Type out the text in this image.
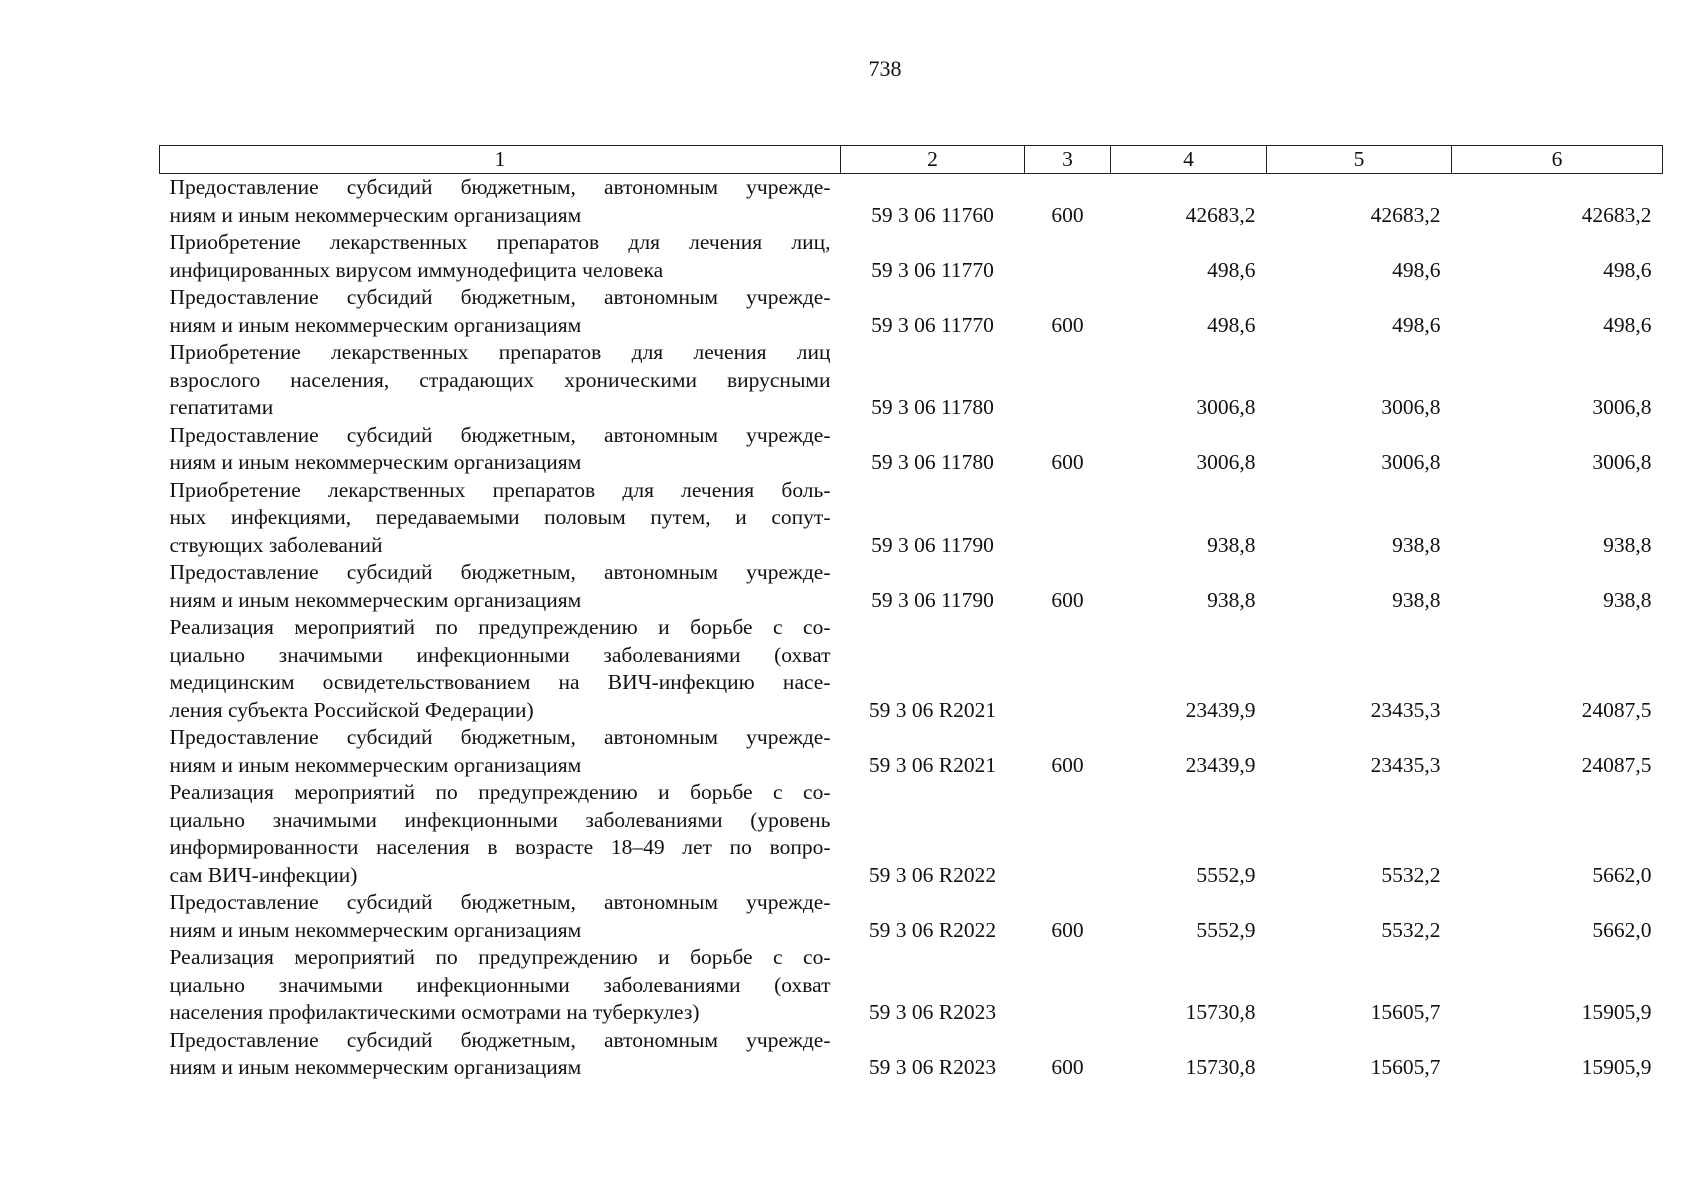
738
1	2	3	4	5	6

Предоставление субсидий бюджетным, автономным учрежде-
ниям и иным некоммерческим организациям	59 3 06 11760	600	42683,2	42683,2	42683,2

Приобретение лекарственных препаратов для лечения лиц,
инфицированных вирусом иммунодефицита человека	59 3 06 11770		498,6	498,6	498,6

Предоставление субсидий бюджетным, автономным учрежде-
ниям и иным некоммерческим организациям	59 3 06 11770	600	498,6	498,6	498,6

Приобретение лекарственных препаратов для лечения лиц
взрослого населения, страдающих хроническими вирусными
гепатитами	59 3 06 11780		3006,8	3006,8	3006,8

Предоставление субсидий бюджетным, автономным учрежде-
ниям и иным некоммерческим организациям	59 3 06 11780	600	3006,8	3006,8	3006,8

Приобретение лекарственных препаратов для лечения боль-
ных инфекциями, передаваемыми половым путем, и сопут-
ствующих заболеваний	59 3 06 11790		938,8	938,8	938,8

Предоставление субсидий бюджетным, автономным учрежде-
ниям и иным некоммерческим организациям	59 3 06 11790	600	938,8	938,8	938,8

Реализация мероприятий по предупреждению и борьбе с со-
циально значимыми инфекционными заболеваниями (охват
медицинским освидетельствованием на ВИЧ-инфекцию насе-
ления субъекта Российской Федерации)	59 3 06 R2021		23439,9	23435,3	24087,5

Предоставление субсидий бюджетным, автономным учрежде-
ниям и иным некоммерческим организациям	59 3 06 R2021	600	23439,9	23435,3	24087,5

Реализация мероприятий по предупреждению и борьбе с со-
циально значимыми инфекционными заболеваниями (уровень
информированности населения в возрасте 18–49 лет по вопро-
сам ВИЧ-инфекции)	59 3 06 R2022		5552,9	5532,2	5662,0

Предоставление субсидий бюджетным, автономным учрежде-
ниям и иным некоммерческим организациям	59 3 06 R2022	600	5552,9	5532,2	5662,0

Реализация мероприятий по предупреждению и борьбе с со-
циально значимыми инфекционными заболеваниями (охват
населения профилактическими осмотрами на туберкулез)	59 3 06 R2023		15730,8	15605,7	15905,9

Предоставление субсидий бюджетным, автономным учрежде-
ниям и иным некоммерческим организациям	59 3 06 R2023	600	15730,8	15605,7	15905,9
